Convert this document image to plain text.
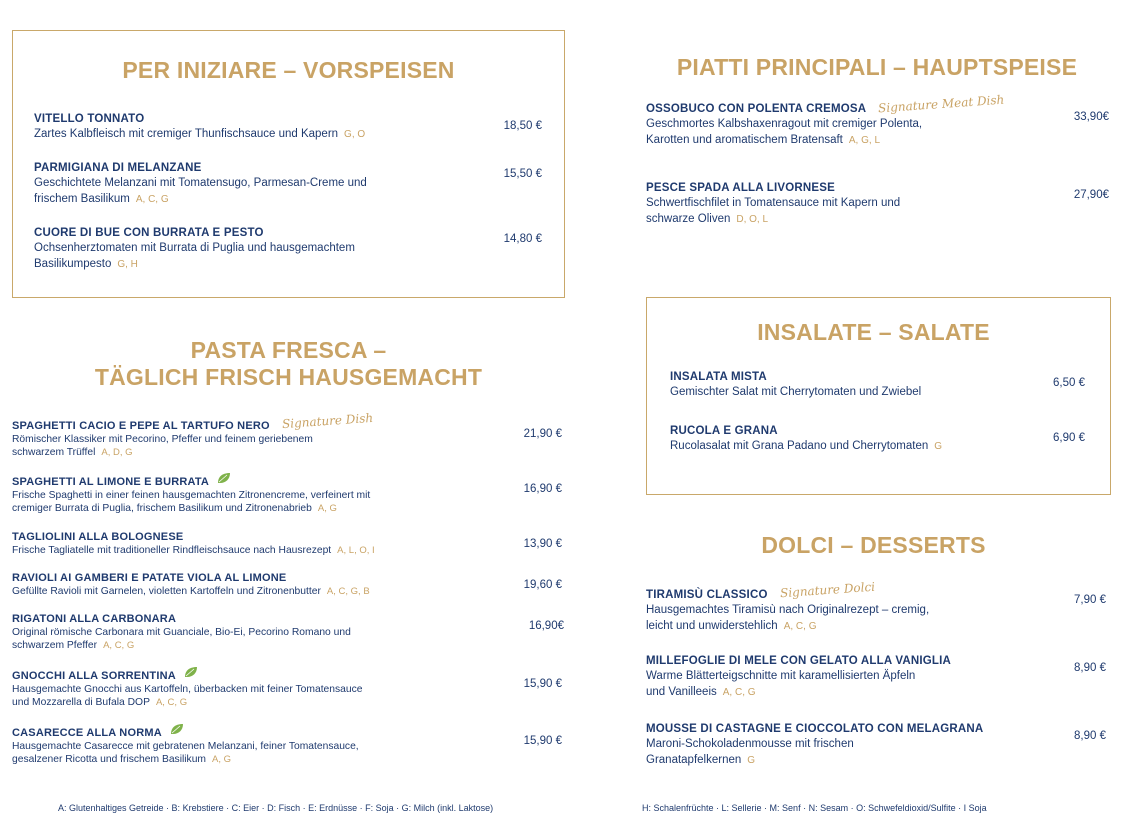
PER INIZIARE – VORSPEISEN
VITELLO TONNATO
Zartes Kalbfleisch mit cremiger Thunfischsauce und Kapern G, O
18,50 €
PARMIGIANA DI MELANZANE
Geschichtete Melanzani mit Tomatensugo, Parmesan-Creme und
frischem Basilikum A, C, G
15,50 €
CUORE DI BUE CON BURRATA E PESTO
Ochsenherztomaten mit Burrata di Puglia und hausgemachtem
Basilikumpesto G, H
14,80 €
PASTA FRESCA –
TÄGLICH FRISCH HAUSGEMACHT
SPAGHETTI CACIO E PEPE AL TARTUFO NERO Signature Dish
Römischer Klassiker mit Pecorino, Pfeffer und feinem geriebenem
schwarzem Trüffel A, D, G
21,90 €
SPAGHETTI AL LIMONE E BURRATA
Frische Spaghetti in einer feinen hausgemachten Zitronencreme, verfeinert mit
cremiger Burrata di Puglia, frischem Basilikum und Zitronenabrieb A, G
16,90 €
TAGLIOLINI ALLA BOLOGNESE
Frische Tagliatelle mit traditioneller Rindfleischsauce nach Hausrezept A, L, O, I
13,90 €
RAVIOLI AI GAMBERI E PATATE VIOLA AL LIMONE
Gefüllte Ravioli mit Garnelen, violetten Kartoffeln und Zitronenbutter A, C, G, B
19,60 €
RIGATONI ALLA CARBONARA
Original römische Carbonara mit Guanciale, Bio-Ei, Pecorino Romano und
schwarzem Pfeffer A, C, G
16,90€
GNOCCHI ALLA SORRENTINA
Hausgemachte Gnocchi aus Kartoffeln, überbacken mit feiner Tomatensauce
und Mozzarella di Bufala DOP A, C, G
15,90 €
CASARECCE ALLA NORMA
Hausgemachte Casarecce mit gebratenen Melanzani, feiner Tomatensauce,
gesalzener Ricotta und frischem Basilikum A, G
15,90 €
PIATTI PRINCIPALI – HAUPTSPEISE
OSSOBUCO CON POLENTA CREMOSA Signature Meat Dish
Geschmortes Kalbshaxenragout mit cremiger Polenta,
Karotten und aromatischem Bratensaft A, G, L
33,90€
PESCE SPADA ALLA LIVORNESE
Schwertfischfilet in Tomatensauce mit Kapern und
schwarze Oliven D, O, L
27,90€
INSALATE – SALATE
INSALATA MISTA
Gemischter Salat mit Cherrytomaten und Zwiebel
6,50 €
RUCOLA E GRANA
Rucolasalat mit Grana Padano und Cherrytomaten G
6,90 €
DOLCI – DESSERTS
TIRAMISÙ CLASSICO Signature Dolci
Hausgemachtes Tiramisù nach Originalrezept – cremig,
leicht und unwiderstehlich A, C, G
7,90 €
MILLEFOGLIE DI MELE CON GELATO ALLA VANIGLIA
Warme Blätterteigschnitte mit karamellisierten Äpfeln
und Vanilleeis A, C, G
8,90 €
MOUSSE DI CASTAGNE E CIOCCOLATO CON MELAGRANA
Maroni-Schokoladenmousse mit frischen
Granatapfelkernen G
8,90 €
A: Glutenhaltiges Getreide · B: Krebstiere · C: Eier · D: Fisch · E: Erdnüsse · F: Soja · G: Milch (inkl. Laktose)	H: Schalenfrüchte · L: Sellerie · M: Senf · N: Sesam · O: Schwefeldioxid/Sulfite · I Soja
